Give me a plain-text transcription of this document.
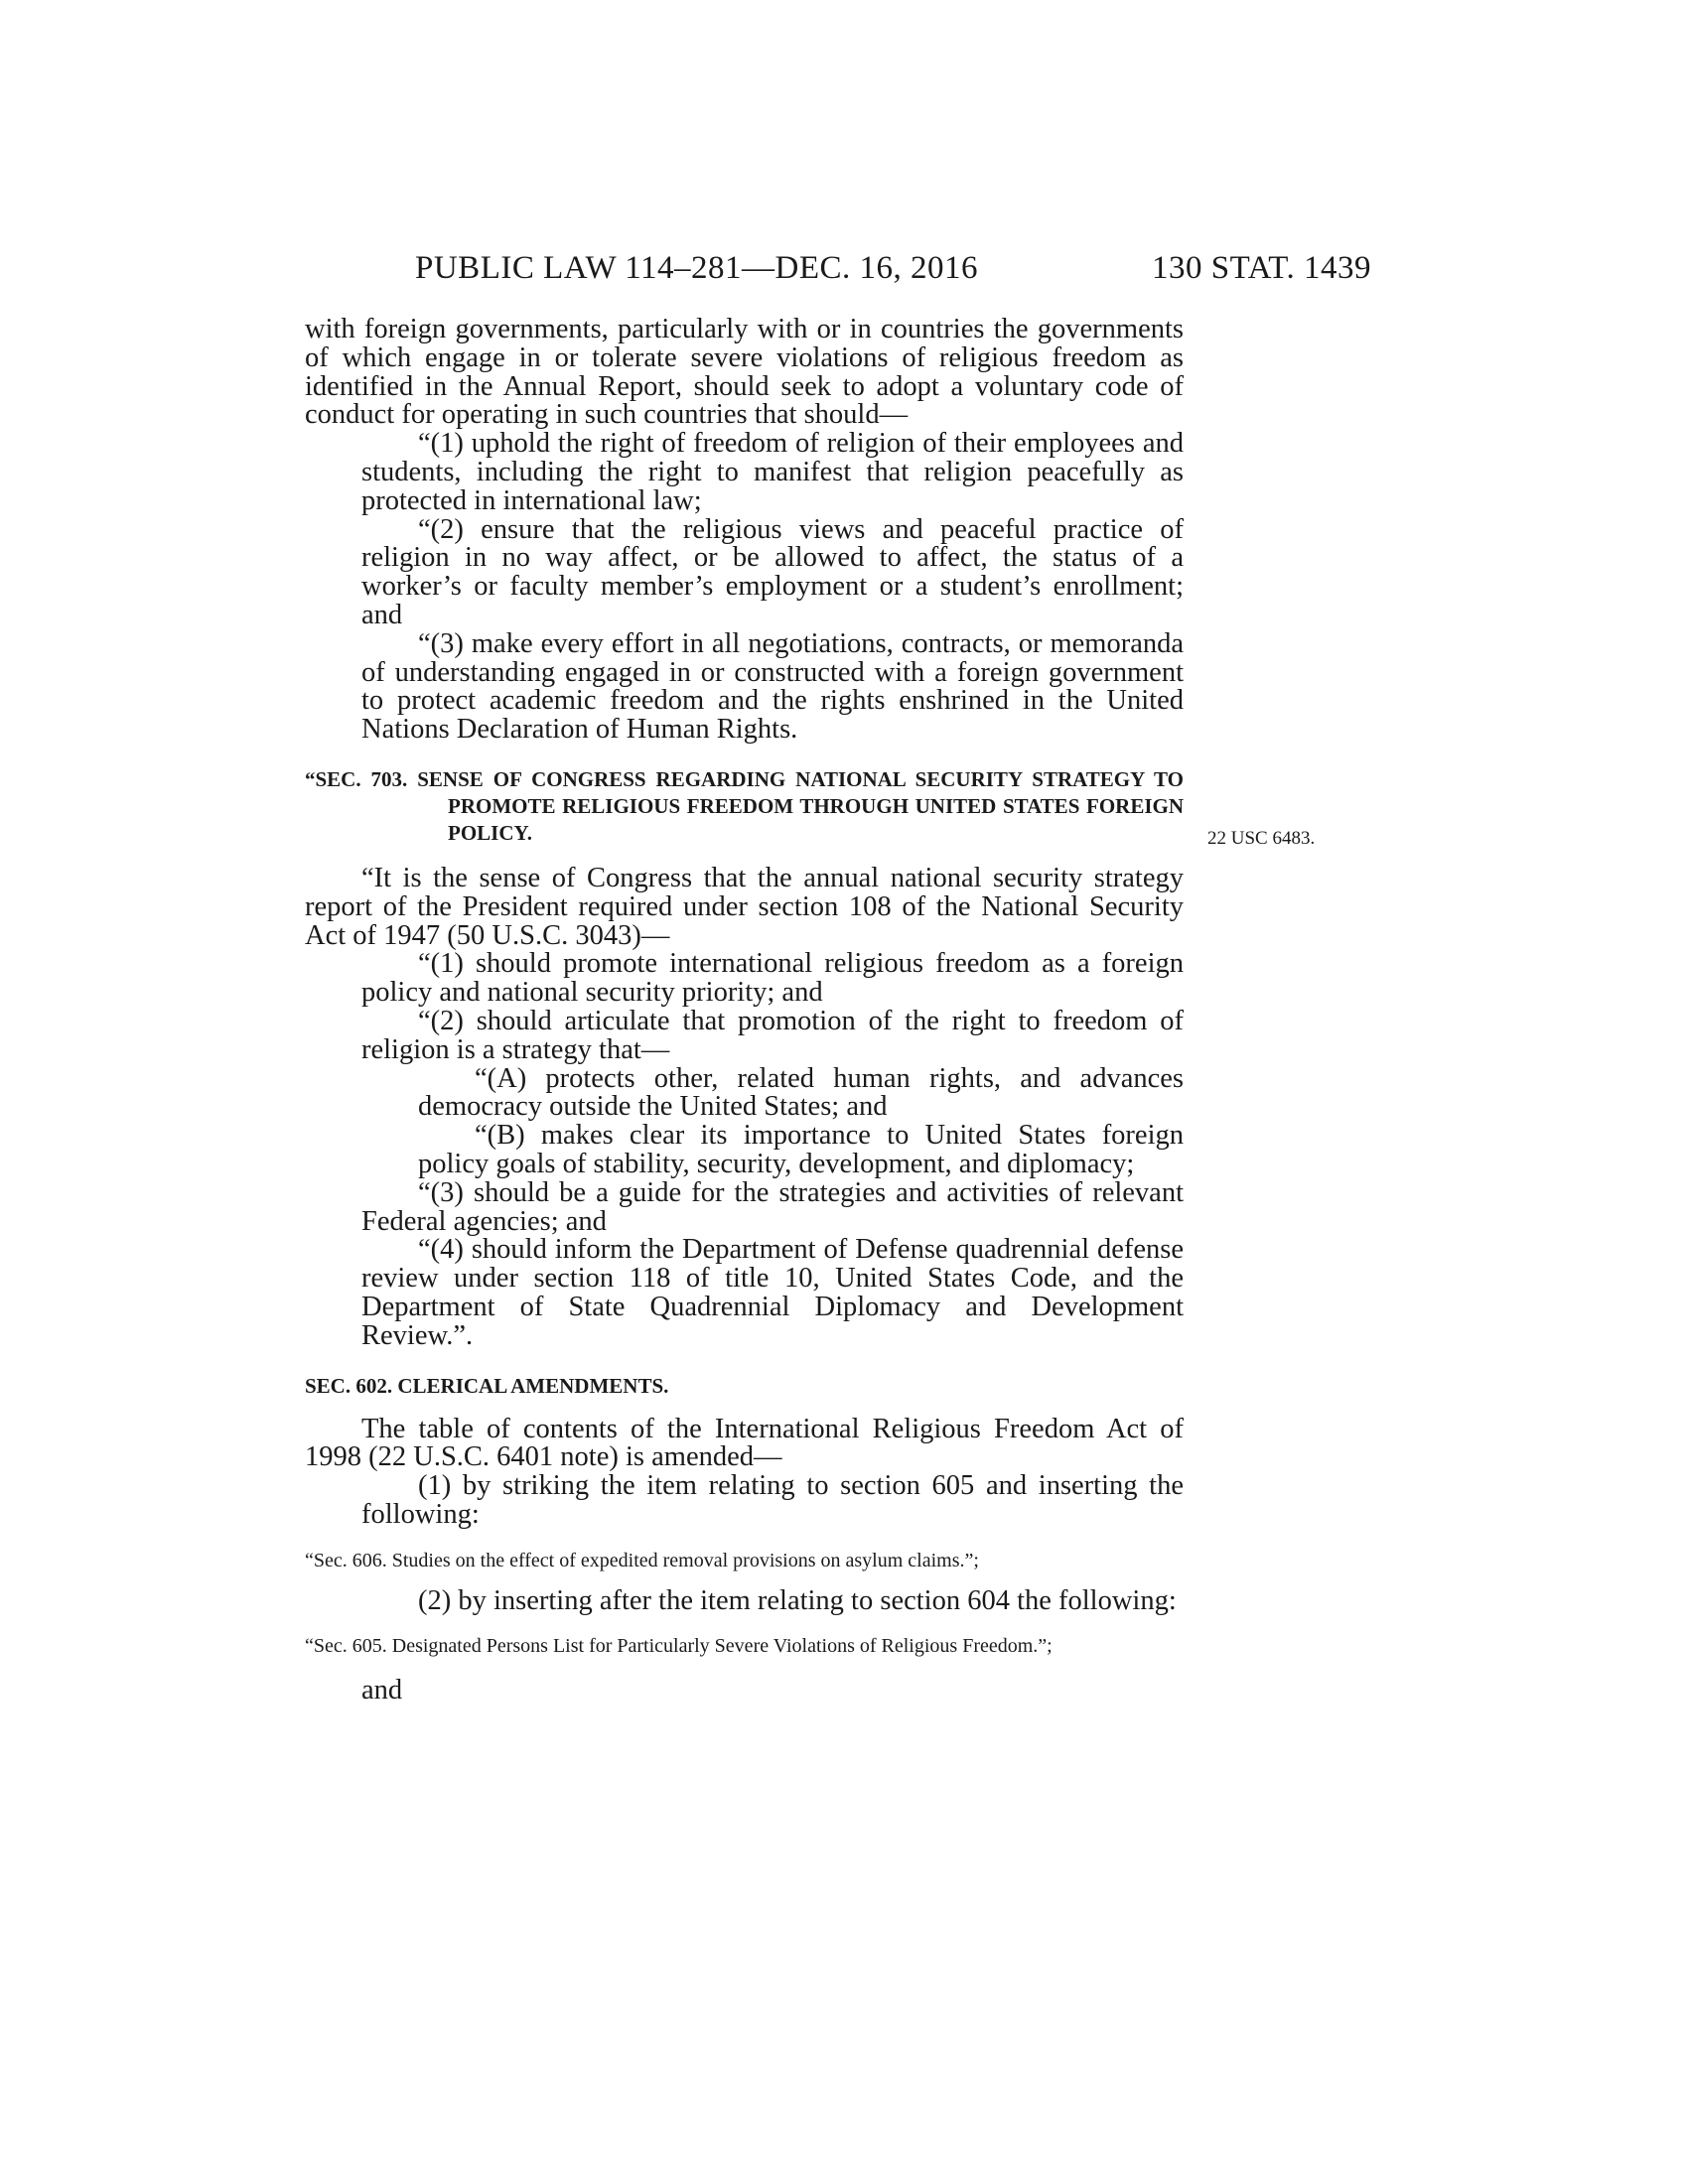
PUBLIC LAW 114–281—DEC. 16, 2016	130 STAT. 1439
22 USC 6483.

with foreign governments, particularly with or in countries the governments of which engage in or tolerate severe violations of religious freedom as identified in the Annual Report, should seek to adopt a voluntary code of conduct for operating in such countries that should—

“(1) uphold the right of freedom of religion of their employees and students, including the right to manifest that religion peacefully as protected in international law;

“(2) ensure that the religious views and peaceful practice of religion in no way affect, or be allowed to affect, the status of a worker’s or faculty member’s employment or a student’s enrollment; and

“(3) make every effort in all negotiations, contracts, or memoranda of understanding engaged in or constructed with a foreign government to protect academic freedom and the rights enshrined in the United Nations Declaration of Human Rights.

“SEC. 703. SENSE OF CONGRESS REGARDING NATIONAL SECURITY STRATEGY TO PROMOTE RELIGIOUS FREEDOM THROUGH UNITED STATES FOREIGN POLICY.

“It is the sense of Congress that the annual national security strategy report of the President required under section 108 of the National Security Act of 1947 (50 U.S.C. 3043)—

“(1) should promote international religious freedom as a foreign policy and national security priority; and

“(2) should articulate that promotion of the right to freedom of religion is a strategy that—

“(A) protects other, related human rights, and advances democracy outside the United States; and

“(B) makes clear its importance to United States foreign policy goals of stability, security, development, and diplomacy;

“(3) should be a guide for the strategies and activities of relevant Federal agencies; and

“(4) should inform the Department of Defense quadrennial defense review under section 118 of title 10, United States Code, and the Department of State Quadrennial Diplomacy and Development Review.”.

SEC. 602. CLERICAL AMENDMENTS.

The table of contents of the International Religious Freedom Act of 1998 (22 U.S.C. 6401 note) is amended—

(1) by striking the item relating to section 605 and inserting the following:

“Sec. 606. Studies on the effect of expedited removal provisions on asylum claims.”;

(2) by inserting after the item relating to section 604 the following:

“Sec. 605. Designated Persons List for Particularly Severe Violations of Religious Freedom.”;

and
